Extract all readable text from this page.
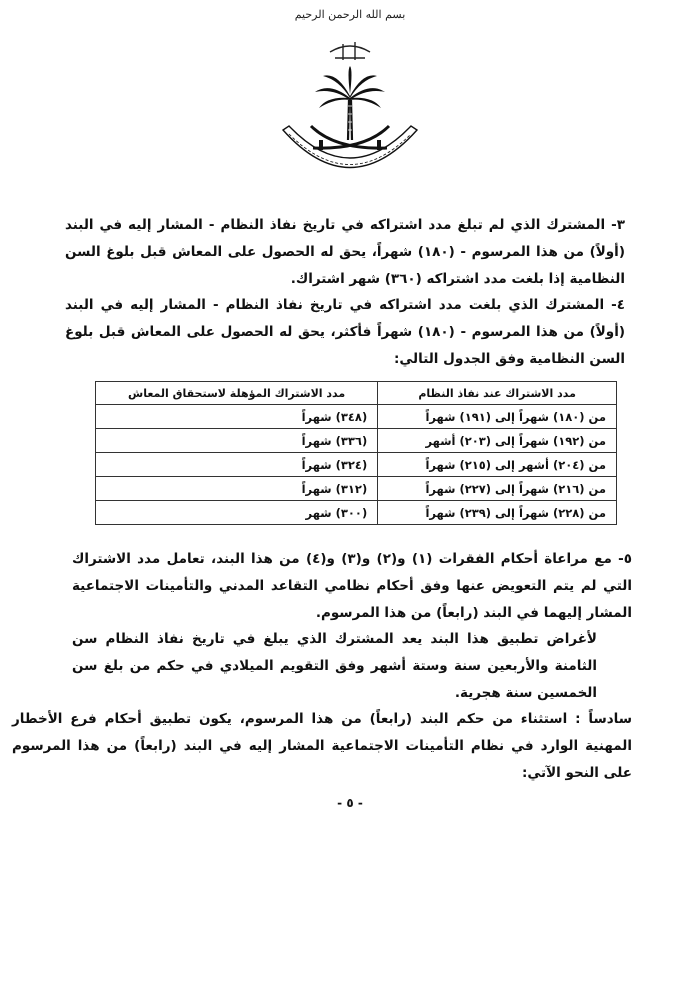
بسم الله الرحمن الرحيم

٣- المشترك الذي لم تبلغ مدد اشتراكه في تاريخ نفاذ النظام - المشار إليه في البند (أولاً) من هذا المرسوم - (١٨٠) شهراً، يحق له الحصول على المعاش قبل بلوغ السن النظامية إذا بلغت مدد اشتراكه (٣٦٠) شهر اشتراك.

٤- المشترك الذي بلغت مدد اشتراكه في تاريخ نفاذ النظام - المشار إليه في البند (أولاً) من هذا المرسوم - (١٨٠) شهراً فأكثر، يحق له الحصول على المعاش قبل بلوغ السن النظامية وفق الجدول التالي:

مدد الاشتراك عند نفاذ النظام	مدد الاشتراك المؤهلة لاستحقاق المعاش
من (١٨٠) شهراً إلى (١٩١) شهراً	(٣٤٨) شهراً
من (١٩٢) شهراً إلى (٢٠٣) أشهر	(٣٣٦) شهراً
من (٢٠٤) أشهر إلى (٢١٥) شهراً	(٣٢٤) شهراً
من (٢١٦) شهراً إلى (٢٢٧) شهراً	(٣١٢) شهراً
من (٢٢٨) شهراً إلى (٢٣٩) شهراً	(٣٠٠) شهر

٥- مع مراعاة أحكام الفقرات (١) و(٢) و(٣) و(٤) من هذا البند، تعامل مدد الاشتراك التي لم يتم التعويض عنها وفق أحكام نظامي التقاعد المدني والتأمينات الاجتماعية المشار إليهما في البند (رابعاً) من هذا المرسوم.

لأغراض تطبيق هذا البند يعد المشترك الذي يبلغ في تاريخ نفاذ النظام سن الثامنة والأربعين سنة وستة أشهر وفق التقويم الميلادي في حكم من بلغ سن الخمسين سنة هجرية.

سادساً : استثناء من حكم البند (رابعاً) من هذا المرسوم، يكون تطبيق أحكام فرع الأخطار المهنية الوارد في نظام التأمينات الاجتماعية المشار إليه في البند (رابعاً) من هذا المرسوم على النحو الآتي:

- ٥ -
